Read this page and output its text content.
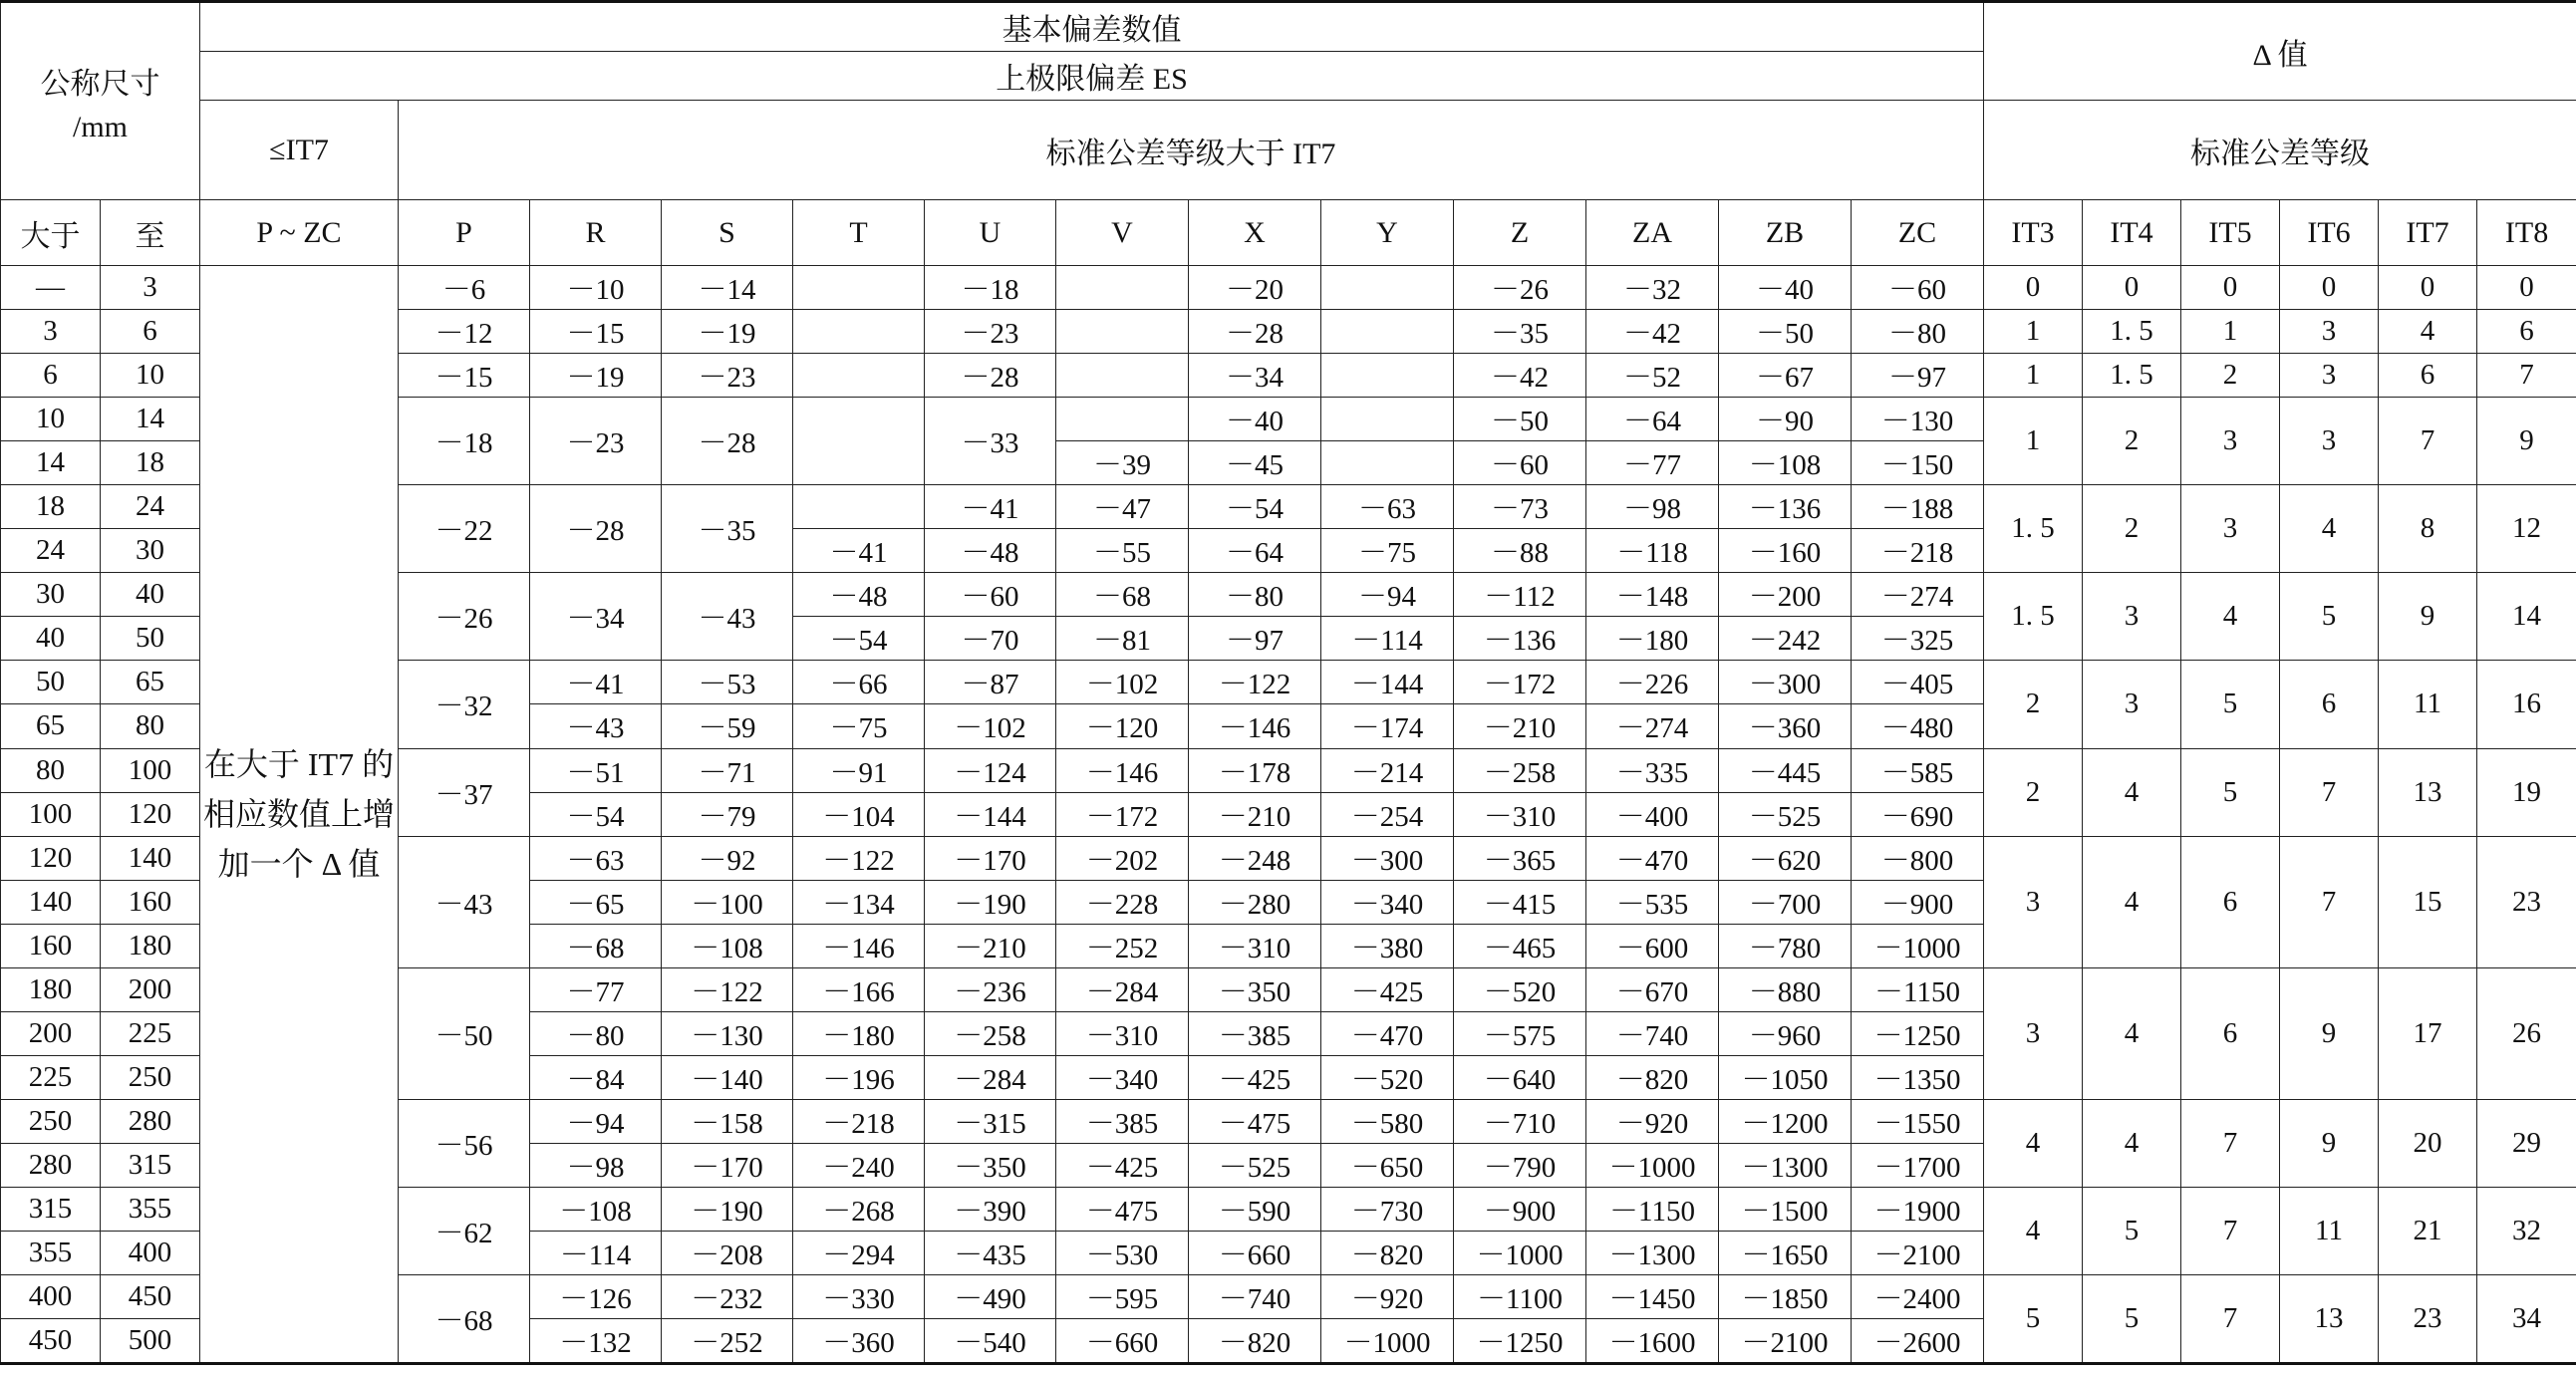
公称尺寸
/mm		基本偏差数值													Δ 值					
		上极限偏差 ES																		
		≤IT7	标准公差等级大于 IT7												标准公差等级					
大于	至	P ~ ZC	P	R	S	T	U	V	X	Y	Z	ZA	ZB	ZC	IT3	IT4	IT5	IT6	IT7	IT8
—	3	在大于 IT7 的相应数值上增加一个 Δ 值	－6	－10	－14		－18		－20		－26	－32	－40	－60	0	0	0	0	0	0
3	6		－12	－15	－19		－23		－28		－35	－42	－50	－80	1	1. 5	1	3	4	6
6	10		－15	－19	－23		－28		－34		－42	－52	－67	－97	1	1. 5	2	3	6	7
10	14		－18	－23	－28		－33		－40		－50	－64	－90	－130	1	2	3	3	7	9
14	18							－39	－45		－60	－77	－108	－150						
18	24		－22	－28	－35		－41	－47	－54	－63	－73	－98	－136	－188	1. 5	2	3	4	8	12
24	30					－41	－48	－55	－64	－75	－88	－118	－160	－218						
30	40		－26	－34	－43	－48	－60	－68	－80	－94	－112	－148	－200	－274	1. 5	3	4	5	9	14
40	50					－54	－70	－81	－97	－114	－136	－180	－242	－325						
50	65		－32	－41	－53	－66	－87	－102	－122	－144	－172	－226	－300	－405	2	3	5	6	11	16
65	80			－43	－59	－75	－102	－120	－146	－174	－210	－274	－360	－480						
80	100		－37	－51	－71	－91	－124	－146	－178	－214	－258	－335	－445	－585	2	4	5	7	13	19
100	120			－54	－79	－104	－144	－172	－210	－254	－310	－400	－525	－690						
120	140		－43	－63	－92	－122	－170	－202	－248	－300	－365	－470	－620	－800	3	4	6	7	15	23
140	160			－65	－100	－134	－190	－228	－280	－340	－415	－535	－700	－900						
160	180			－68	－108	－146	－210	－252	－310	－380	－465	－600	－780	－1000						
180	200		－50	－77	－122	－166	－236	－284	－350	－425	－520	－670	－880	－1150	3	4	6	9	17	26
200	225			－80	－130	－180	－258	－310	－385	－470	－575	－740	－960	－1250						
225	250			－84	－140	－196	－284	－340	－425	－520	－640	－820	－1050	－1350						
250	280		－56	－94	－158	－218	－315	－385	－475	－580	－710	－920	－1200	－1550	4	4	7	9	20	29
280	315			－98	－170	－240	－350	－425	－525	－650	－790	－1000	－1300	－1700						
315	355		－62	－108	－190	－268	－390	－475	－590	－730	－900	－1150	－1500	－1900	4	5	7	11	21	32
355	400			－114	－208	－294	－435	－530	－660	－820	－1000	－1300	－1650	－2100						
400	450		－68	－126	－232	－330	－490	－595	－740	－920	－1100	－1450	－1850	－2400	5	5	7	13	23	34
450	500			－132	－252	－360	－540	－660	－820	－1000	－1250	－1600	－2100	－2600						
